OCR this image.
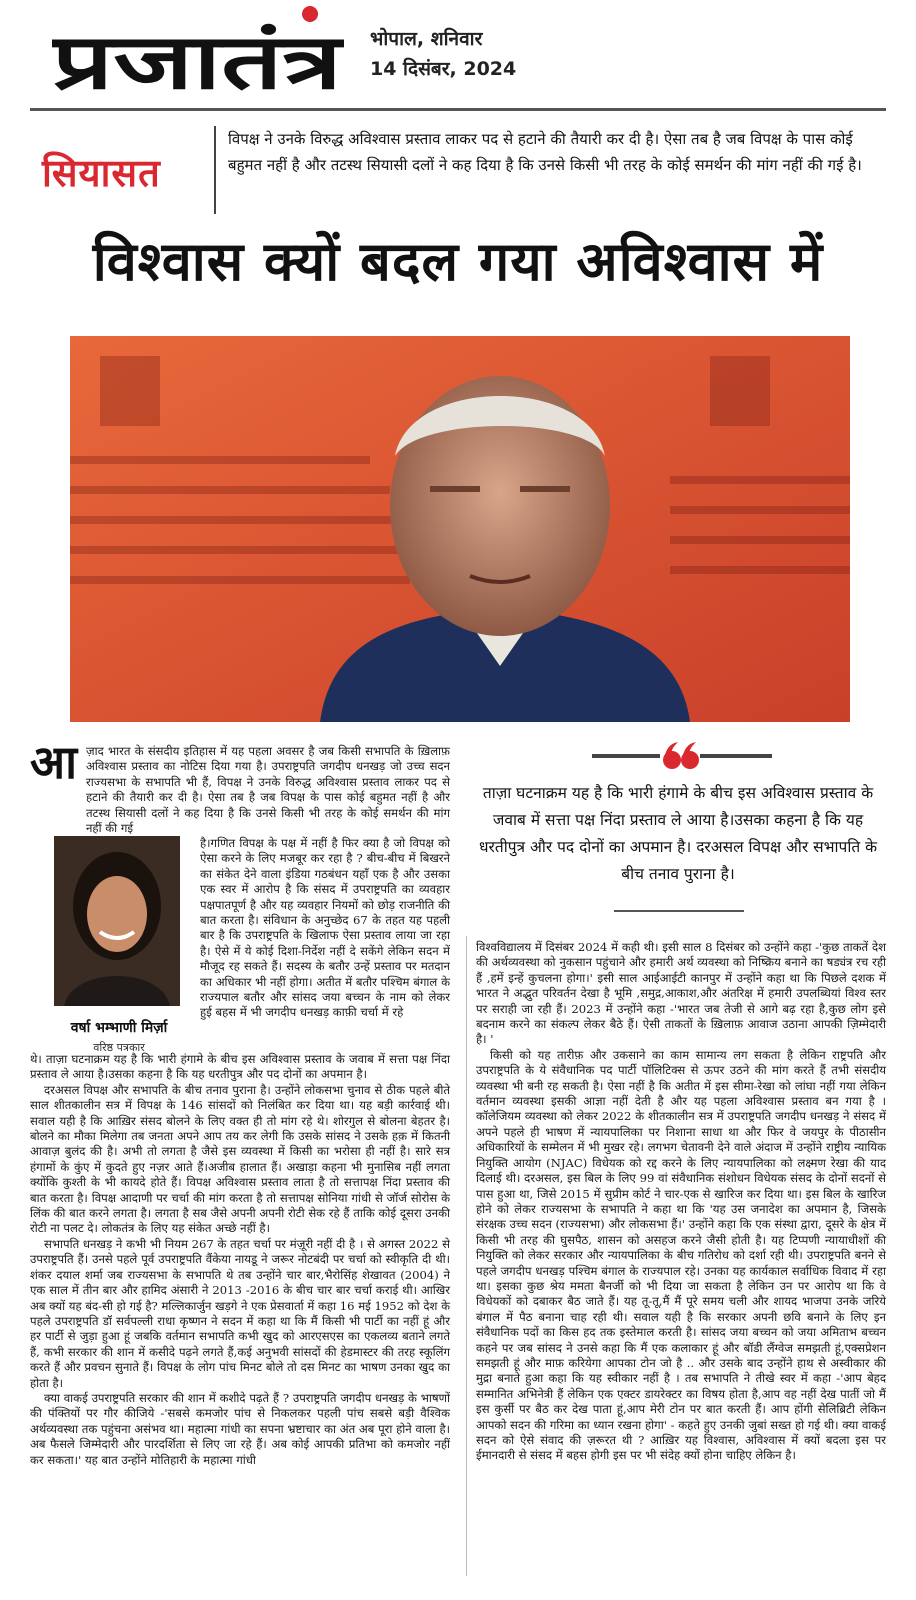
प्रजातंत्र भोपाल, शनिवार
14 दिसंबर, 2024
सियासत
विपक्ष ने उनके विरुद्ध अविश्वास प्रस्ताव लाकर पद से हटाने की तैयारी कर दी है। ऐसा तब है जब विपक्ष के पास कोई बहुमत नहीं है और तटस्थ सियासी दलों ने कह दिया है कि उनसे किसी भी तरह के कोई समर्थन की मांग नहीं की गई है।
विश्वास क्यों बदल गया अविश्वास में
आ ज़ाद भारत के संसदीय इतिहास में यह पहला अवसर है जब किसी सभापति के ख़िलाफ़ अविश्वास प्रस्ताव का नोटिस दिया गया है। उपराष्ट्रपति जगदीप धनखड़ जो उच्च सदन राज्यसभा के सभापति भी हैं, विपक्ष ने उनके विरुद्ध अविश्वास प्रस्ताव लाकर पद से हटाने की तैयारी कर दी है। ऐसा तब है जब विपक्ष के पास कोई बहुमत नहीं है और तटस्थ सियासी दलों ने कह दिया है कि उनसे किसी भी तरह के कोई समर्थन की मांग नहीं की गई

है।गणित विपक्ष के पक्ष में नहीं है फिर क्या है जो विपक्ष को ऐसा करने के लिए मजबूर कर रहा है ? बीच-बीच में बिखरने का संकेत देने वाला इंडिया गठबंधन यहाँ एक है और उसका एक स्वर में आरोप है कि संसद में उपराष्ट्रपति का व्यवहार पक्षपातपूर्ण है और यह व्यवहार नियमों को छोड़ राजनीति की बात करता है। संविधान के अनुच्छेद 67 के तहत यह पहली बार है कि उपराष्ट्रपति के खिलाफ ऐसा प्रस्ताव लाया जा रहा है। ऐसे में ये कोई दिशा-निर्देश नहीं दे सकेंगे लेकिन सदन में मौजूद रह सकते हैं। सदस्य के बतौर उन्हें प्रस्ताव पर मतदान का अधिकार भी नहीं होगा। अतीत में बतौर पश्चिम बंगाल के राज्यपाल बतौर और सांसद जया बच्चन के नाम को लेकर हुई बहस में भी जगदीप धनखड़ काफ़ी चर्चा में रहे

वर्षा भम्भाणी मिर्ज़ा
वरिष्ठ पत्रकार

थे। ताज़ा घटनाक्रम यह है कि भारी हंगामे के बीच इस अविश्वास प्रस्ताव के जवाब में सत्ता पक्ष निंदा प्रस्ताव ले आया है।उसका कहना है कि यह धरतीपुत्र और पद दोनों का अपमान है।

दरअसल विपक्ष और सभापति के बीच तनाव पुराना है। उन्होंने लोकसभा चुनाव से ठीक पहले बीते साल शीतकालीन सत्र में विपक्ष के 146 सांसदों को निलंबित कर दिया था। यह बड़ी कार्रवाई थी। सवाल यही है कि आख़िर संसद बोलने के लिए वक्त ही तो मांग रहे थे। शोरगुल से बोलना बेहतर है। बोलने का मौका मिलेगा तब जनता अपने आप तय कर लेगी कि उसके सांसद ने उसके हक़ में कितनी आवाज़ बुलंद की है। अभी तो लगता है जैसे इस व्यवस्था में किसी का भरोसा ही नहीं है। सारे सत्र हंगामों के कुंए में कुदते हुए नज़र आते हैं।अजीब हालात हैं। अखाड़ा कहना भी मुनासिब नहीं लगता क्योंकि कुश्ती के भी कायदे होते हैं। विपक्ष अविश्वास प्रस्ताव लाता है तो सत्तापक्ष निंदा प्रस्ताव की बात करता है। विपक्ष आदाणी पर चर्चा की मांग करता है तो सत्तापक्ष सोनिया गांधी से जॉर्ज सोरोस के लिंक की बात करने लगता है। लगता है सब जैसे अपनी अपनी रोटी सेक रहे हैं ताकि कोई दूसरा उनकी रोटी ना पलट दे। लोकतंत्र के लिए यह संकेत अच्छे नहीं है।

सभापति धनखड़ ने कभी भी नियम 267 के तहत चर्चा पर मंज़ूरी नहीं दी है । से अगस्त 2022 से उपराष्ट्रपति हैं। उनसे पहले पूर्व उपराष्ट्रपति वैंकेया नायडू ने जरूर नोटबंदी पर चर्चा को स्वीकृति दी थी। शंकर दयाल शर्मा जब राज्यसभा के सभापति थे तब उन्होंने चार बार,भैरोसिंह शेखावत (2004) ने एक साल में तीन बार और हामिद अंसारी ने 2013 -2016 के बीच चार बार चर्चा कराई थी। आखिर अब क्यों यह बंद-सी हो गई है? मल्लिकार्जुन खड़गे ने एक प्रेसवार्ता में कहा 16 मई 1952 को देश के पहले उपराष्ट्रपति डॉ सर्वपल्ली राधा कृष्णन ने सदन में कहा था कि मैं किसी भी पार्टी का नहीं हूं और हर पार्टी से जुड़ा हुआ हूं जबकि वर्तमान सभापति कभी खुद को आरएसएस का एकलव्य बताने लगते हैं, कभी सरकार की शान में कसीदे पढ़ने लगते हैं,कई अनुभवी सांसदों की हेडमास्टर की तरह स्कूलिंग करते हैं और प्रवचन सुनाते हैं। विपक्ष के लोग पांच मिनट बोले तो दस मिनट का भाषण उनका खुद का होता है।

क्या वाकई उपराष्ट्रपति सरकार की शान में कशीदे पढ़ते हैं ? उपराष्ट्रपति जगदीप धनखड़ के भाषणों की पंक्तियों पर गौर कीजिये -'सबसे कमजोर पांच से निकलकर पहली पांच सबसे बड़ी वैश्विक अर्थव्यवस्था तक पहुंचना असंभव था। महात्मा गांधी का सपना भ्रष्टाचार का अंत अब पूरा होने वाला है। अब फैसले जिम्मेदारी और पारदर्शिता से लिए जा रहे हैं। अब कोई आपकी प्रतिभा को कमजोर नहीं कर सकता।' यह बात उन्होंने मोतिहारी के महात्मा गांधी

ताज़ा घटनाक्रम यह है कि भारी हंगामे के बीच इस अविश्वास प्रस्ताव के जवाब में सत्ता पक्ष निंदा प्रस्ताव ले आया है।उसका कहना है कि यह धरतीपुत्र और पद दोनों का अपमान है। दरअसल विपक्ष और सभापति के बीच तनाव पुराना है।

विश्वविद्यालय में दिसंबर 2024 में कही थी। इसी साल 8 दिसंबर को उन्होंने कहा -'कुछ ताकतें देश की अर्थव्यवस्था को नुकसान पहुंचाने और हमारी अर्थ व्यवस्था को निष्क्रिय बनाने का षड्यंत्र रच रही हैं ,हमें इन्हें कुचलना होगा।' इसी साल आईआईटी कानपुर में उन्होंने कहा था कि पिछले दशक में भारत ने अद्भुत परिवर्तन देखा है भूमि ,समुद्र,आकाश,और अंतरिक्ष में हमारी उपलब्धियां विश्व स्तर पर सराही जा रही हैं। 2023 में उन्होंने कहा -'भारत जब तेजी से आगे बढ़ रहा है,कुछ लोग इसे बदनाम करने का संकल्प लेकर बैठे हैं। ऐसी ताकतों के ख़िलाफ़ आवाज उठाना आपकी ज़िम्मेदारी है। '

किसी को यह तारीफ़ और उकसाने का काम सामान्य लग सकता है लेकिन राष्ट्रपति और उपराष्ट्रपति के ये संवैधानिक पद पार्टी पॉलिटिक्स से ऊपर उठने की मांग करते हैं तभी संसदीय व्यवस्था भी बनी रह सकती है। ऐसा नहीं है कि अतीत में इस सीमा-रेखा को लांघा नहीं गया लेकिन वर्तमान व्यवस्था इसकी आज्ञा नहीं देती है और यह पहला अविश्वास प्रस्ताव बन गया है । कॉलेजियम व्यवस्था को लेकर 2022 के शीतकालीन सत्र में उपराष्ट्रपति जगदीप धनखड़ ने संसद में अपने पहले ही भाषण में न्यायपालिका पर निशाना साधा था और फिर वे जयपुर के पीठासीन अधिकारियों के सम्मेलन में भी मुखर रहे। लगभग चेतावनी देने वाले अंदाज में उन्होंने राष्ट्रीय न्यायिक नियुक्ति आयोग (NJAC) विधेयक को रद्द करने के लिए न्यायपालिका को लक्ष्मण रेखा की याद दिलाई थी। दरअसल, इस बिल के लिए 99 वां संवैधानिक संशोधन विधेयक संसद के दोनों सदनों से पास हुआ था, जिसे 2015 में सुप्रीम कोर्ट ने चार-एक से खारिज कर दिया था। इस बिल के खारिज होने को लेकर राज्यसभा के सभापति ने कहा था कि 'यह उस जनादेश का अपमान है, जिसके संरक्षक उच्च सदन (राज्यसभा) और लोकसभा हैं।' उन्होंने कहा कि एक संस्था द्वारा, दूसरे के क्षेत्र में किसी भी तरह की घुसपैठ, शासन को असहज करने जैसी होती है। यह टिप्पणी न्यायाधीशों की नियुक्ति को लेकर सरकार और न्यायपालिका के बीच गतिरोध को दर्शा रही थी। उपराष्ट्रपति बनने से पहले जगदीप धनखड़ पश्चिम बंगाल के राज्यपाल रहे। उनका यह कार्यकाल सर्वाधिक विवाद में रहा था। इसका कुछ श्रेय ममता बैनर्जी को भी दिया जा सकता है लेकिन उन पर आरोप था कि वे विधेयकों को दबाकर बैठ जाते हैं। यह तू-तू,मैं मैं पूरे समय चली और शायद भाजपा उनके जरिये बंगाल में पैठ बनाना चाह रही थी। सवाल यही है कि सरकार अपनी छवि बनाने के लिए इन संवैधानिक पदों का किस हद तक इस्तेमाल करती है। सांसद जया बच्चन को जया अमिताभ बच्चन कहने पर जब सांसद ने उनसे कहा कि मैं एक कलाकार हूं और बॉडी लैंग्वेज समझती हूं,एक्सप्रेशन समझती हूं और माफ़ करियेगा आपका टोन जो है .. और उसके बाद उन्होंने हाथ से अस्वीकार की मुद्रा बनाते हुआ कहा कि यह स्वीकार नहीं है । तब सभापति ने तीखे स्वर में कहा -'आप बेहद सम्मानित अभिनेत्री हैं लेकिन एक एक्टर डायरेक्टर का विषय होता है,आप वह नहीं देख पातीं जो मैं इस कुर्सी पर बैठ कर देख पाता हूं,आप मेरी टोन पर बात करती हैं। आप होंगी सेलिब्रिटी लेकिन आपको सदन की गरिमा का ध्यान रखना होगा' - कहते हुए उनकी जुबां सख्त हो गई थी। क्या वाकई सदन को ऐसे संवाद की ज़रूरत थी ? आख़िर यह विश्वास, अविश्वास में क्यों बदला इस पर ईमानदारी से संसद में बहस होगी इस पर भी संदेह क्यों होना चाहिए लेकिन है।
